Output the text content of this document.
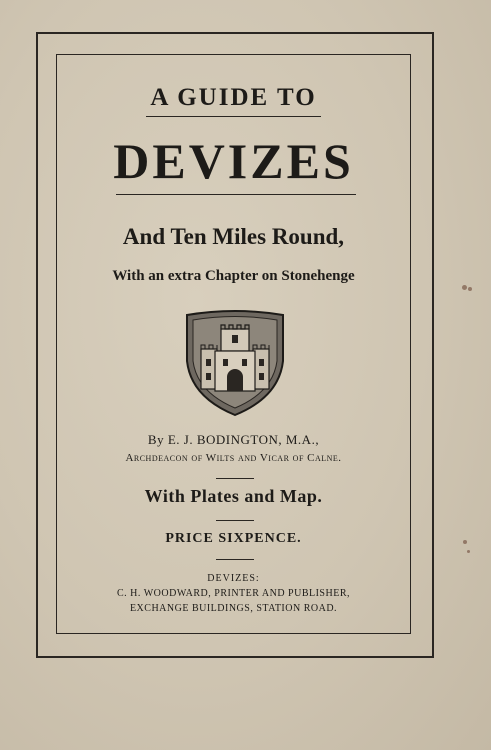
A GUIDE TO
DEVIZES
And Ten Miles Round,
With an extra Chapter on Stonehenge
By E. J. BODINGTON, M.A.,
Archdeacon of Wilts and Vicar of Calne.
With Plates and Map.
PRICE SIXPENCE.
DEVIZES:
C. H. WOODWARD, PRINTER AND PUBLISHER,
EXCHANGE BUILDINGS, STATION ROAD.
